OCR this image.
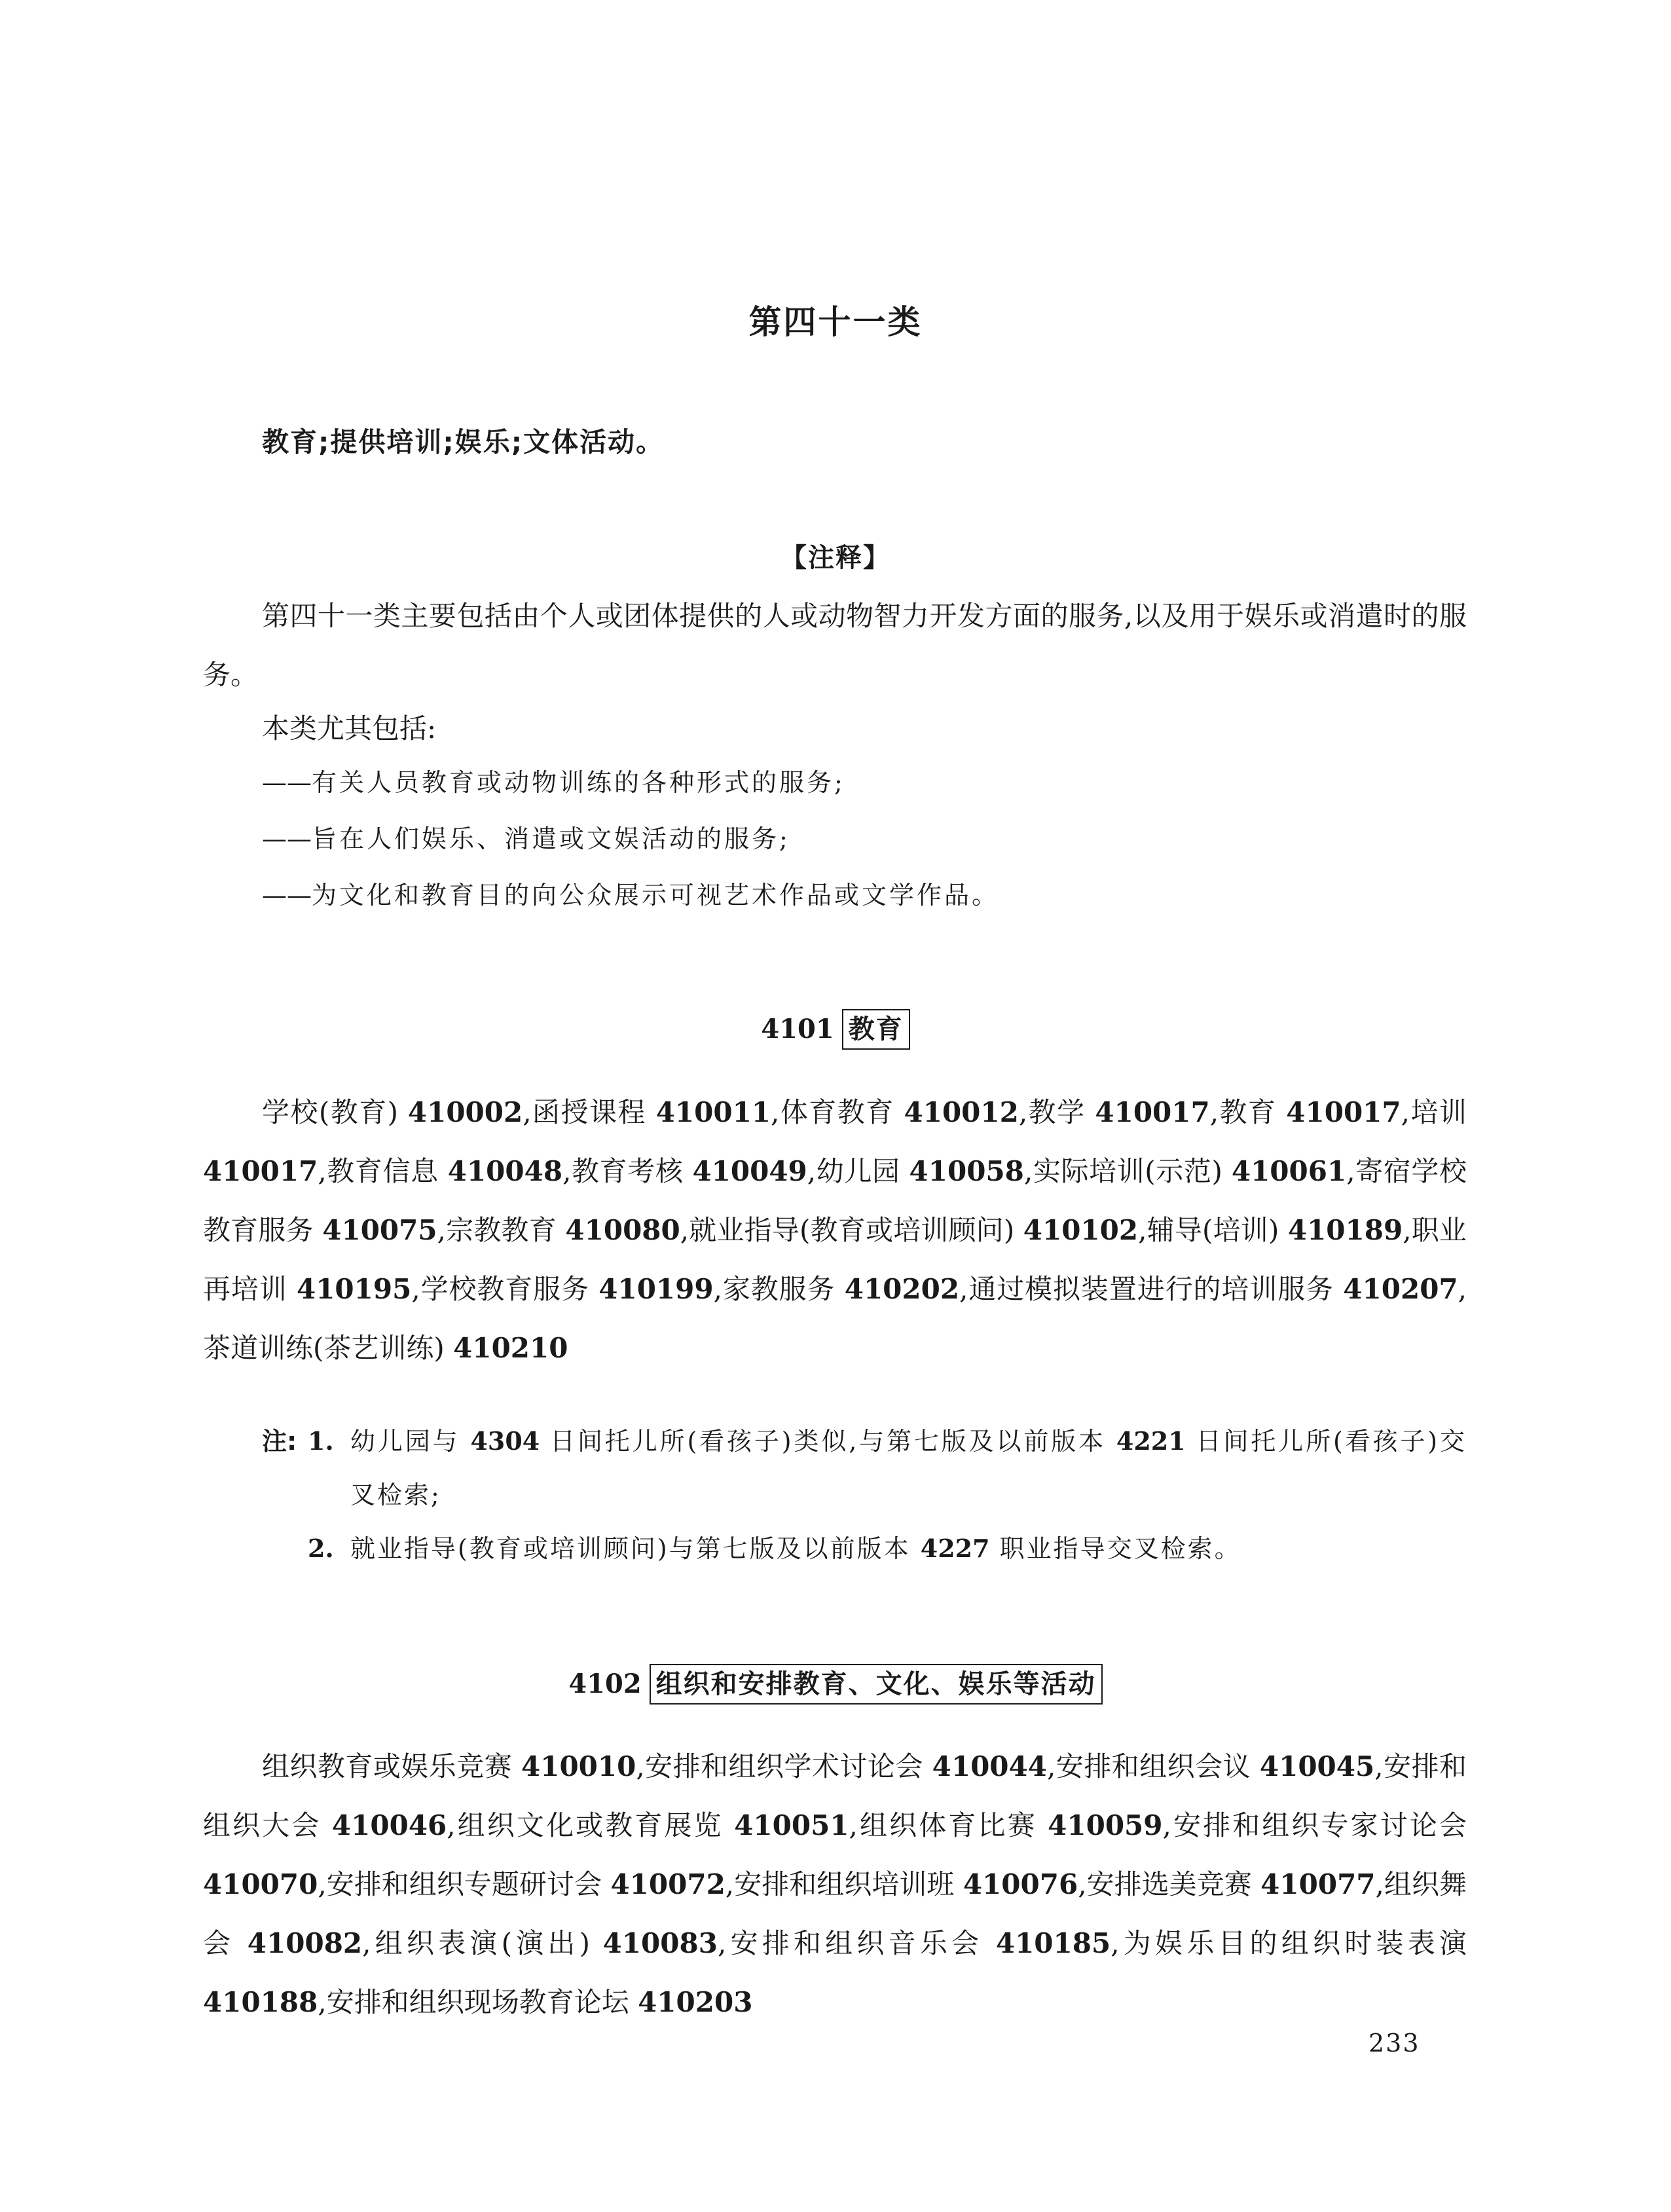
第四十一类
教育;提供培训;娱乐;文体活动。
【注释】
第四十一类主要包括由个人或团体提供的人或动物智力开发方面的服务,以及用于娱乐或消遣时的服务。
本类尤其包括:
——有关人员教育或动物训练的各种形式的服务;
——旨在人们娱乐、消遣或文娱活动的服务;
——为文化和教育目的向公众展示可视艺术作品或文学作品。
4101 教育
学校(教育) 410002,函授课程 410011,体育教育 410012,教学 410017,教育 410017,培训 410017,教育信息 410048,教育考核 410049,幼儿园 410058,实际培训(示范) 410061,寄宿学校教育服务 410075,宗教教育 410080,就业指导(教育或培训顾问) 410102,辅导(培训) 410189,职业再培训 410195,学校教育服务 410199,家教服务 410202,通过模拟装置进行的培训服务 410207,茶道训练(茶艺训练) 410210
注: 1. 幼儿园与 4304 日间托儿所(看孩子)类似,与第七版及以前版本 4221 日间托儿所(看孩子)交叉检索;
2. 就业指导(教育或培训顾问)与第七版及以前版本 4227 职业指导交叉检索。
4102 组织和安排教育、文化、娱乐等活动
组织教育或娱乐竞赛 410010,安排和组织学术讨论会 410044,安排和组织会议 410045,安排和组织大会 410046,组织文化或教育展览 410051,组织体育比赛 410059,安排和组织专家讨论会 410070,安排和组织专题研讨会 410072,安排和组织培训班 410076,安排选美竞赛 410077,组织舞会 410082,组织表演(演出) 410083,安排和组织音乐会 410185,为娱乐目的组织时装表演 410188,安排和组织现场教育论坛 410203
233
